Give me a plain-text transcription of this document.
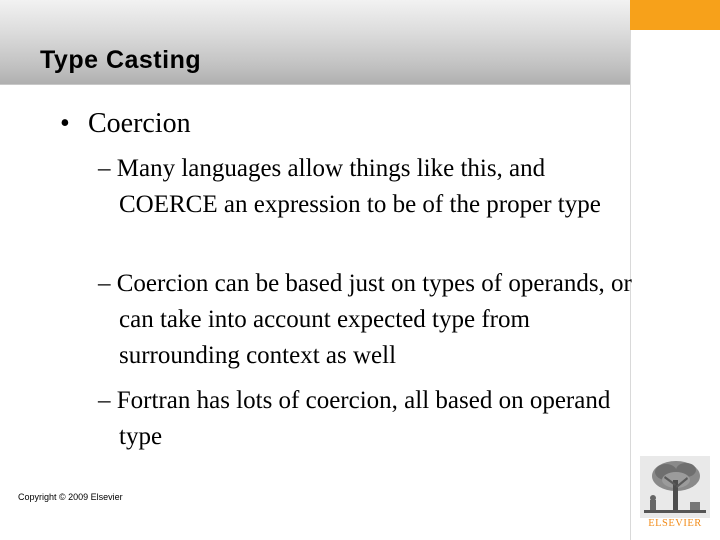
Type Casting
• Coercion
– Many languages allow things like this, and COERCE an expression to be of the proper type
– Coercion can be based just on types of operands, or can take into account expected type from surrounding context as well
– Fortran has lots of coercion, all based on operand type
Copyright © 2009 Elsevier
ELSEVIER
